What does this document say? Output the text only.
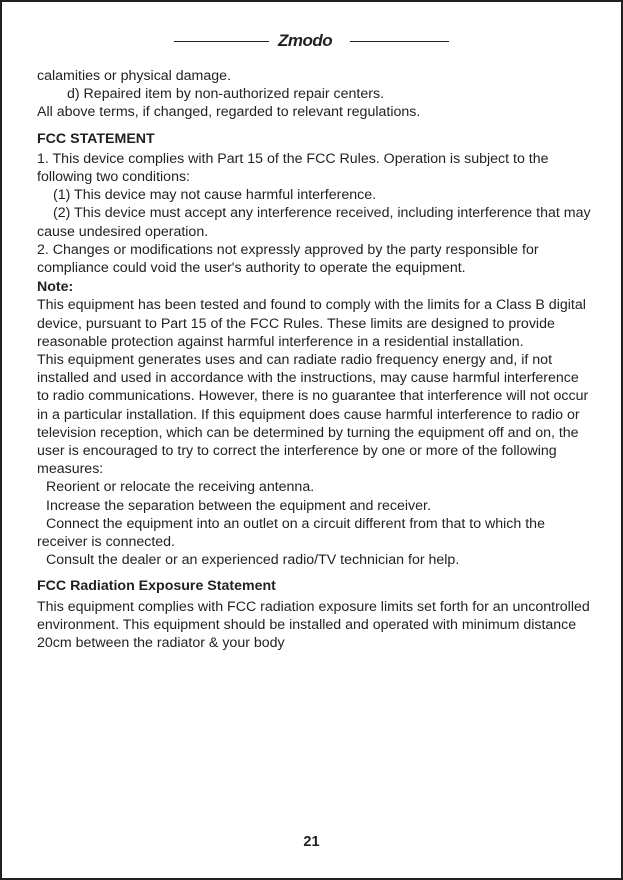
Zmodo

calamities or physical damage.

d) Repaired item by non-authorized repair centers.

All above terms, if changed, regarded to relevant regulations.

FCC STATEMENT

1. This device complies with Part 15 of the FCC Rules. Operation is subject to the following two conditions:

(1) This device may not cause harmful interference.

(2) This device must accept any interference received, including interference that may cause undesired operation.

2. Changes or modifications not expressly approved by the party responsible for compliance could void the user's authority to operate the equipment.

Note:

This equipment has been tested and found to comply with the limits for a Class B digital device, pursuant to Part 15 of the FCC Rules. These limits are designed to provide reasonable protection against harmful interference in a residential installation.

This equipment generates uses and can radiate radio frequency energy and, if not installed and used in accordance with the instructions, may cause harmful interference to radio communications. However, there is no guarantee that interference will not occur in a particular installation. If this equipment does cause harmful interference to radio or television reception, which can be determined by turning the equipment off and on, the user is encouraged to try to correct the interference by one or more of the following measures:

Reorient or relocate the receiving antenna.

Increase the separation between the equipment and receiver.

Connect the equipment into an outlet on a circuit different from that to which the receiver is connected.

Consult the dealer or an experienced radio/TV technician for help.

FCC Radiation Exposure Statement

This equipment complies with FCC radiation exposure limits set forth for an uncontrolled environment. This equipment should be installed and operated with minimum distance 20cm between the radiator & your body

21
